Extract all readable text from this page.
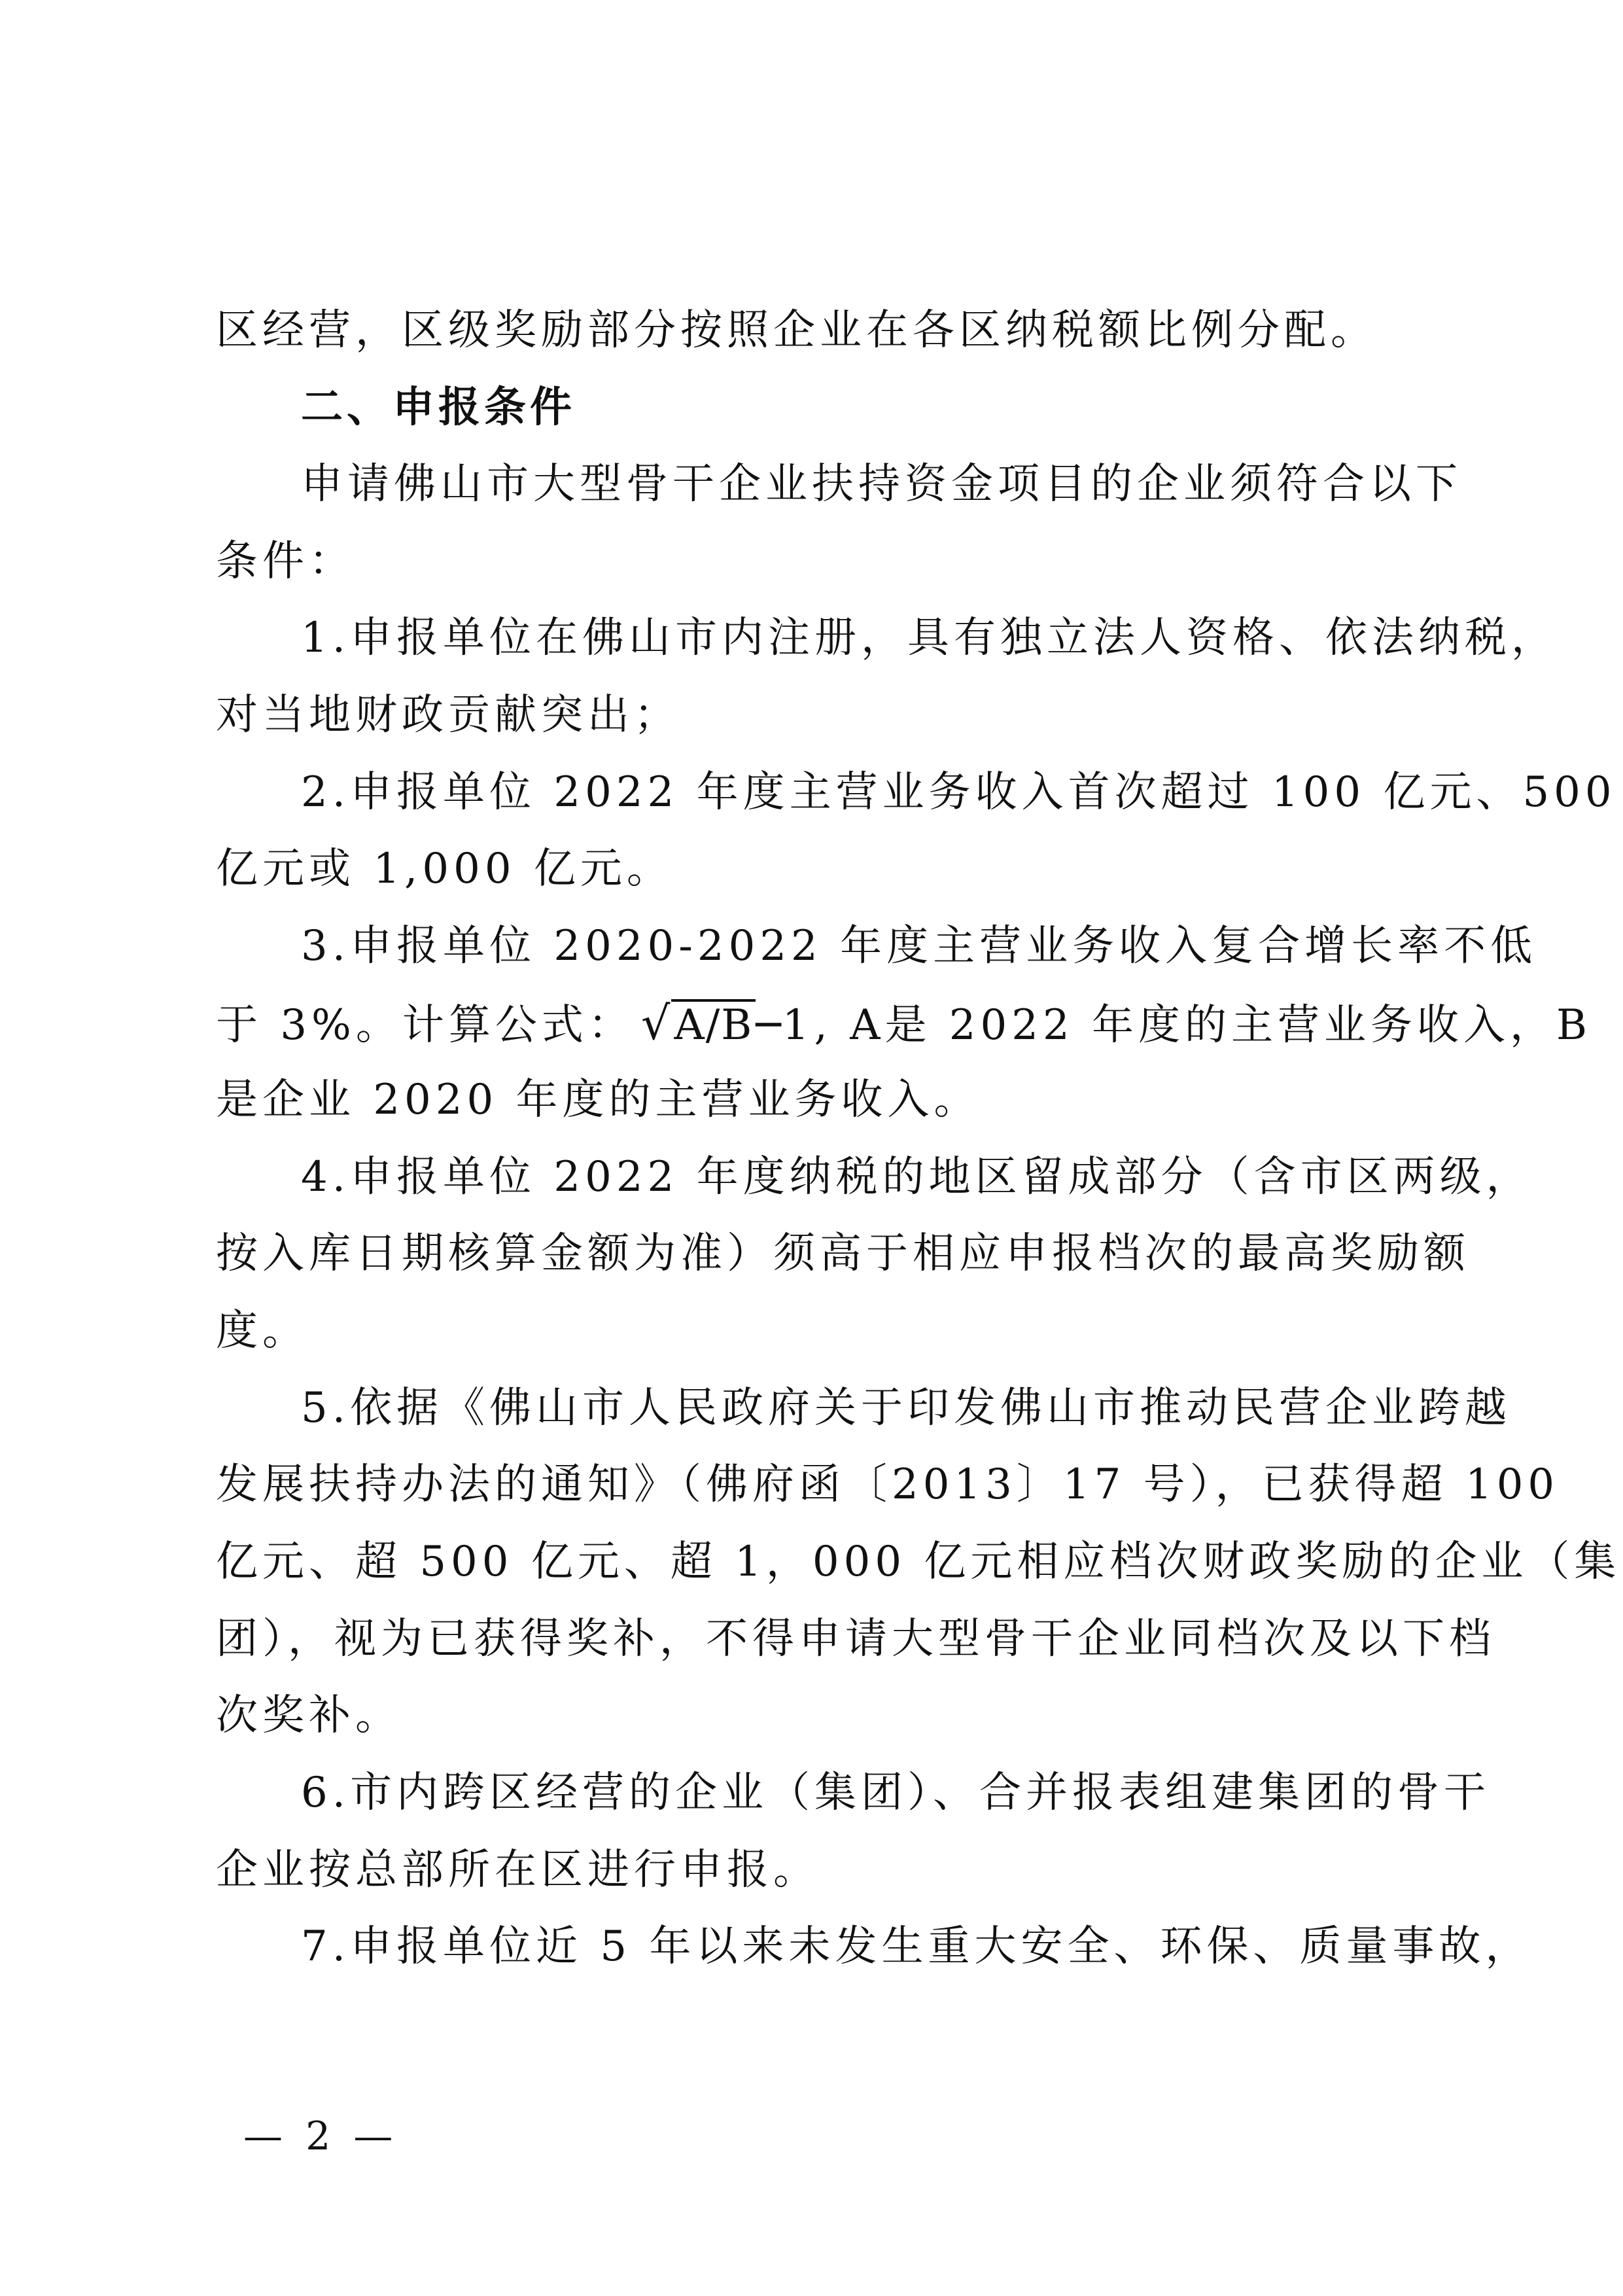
区经营，区级奖励部分按照企业在各区纳税额比例分配。
二、申报条件
申请佛山市大型骨干企业扶持资金项目的企业须符合以下
条件：
1.申报单位在佛山市内注册，具有独立法人资格、依法纳税，
对当地财政贡献突出；
2.申报单位 2022 年度主营业务收入首次超过 100 亿元、500
亿元或 1,000 亿元。
3.申报单位 2020-2022 年度主营业务收入复合增长率不低
于 3%。计算公式： √A/B─1, A是 2022 年度的主营业务收入，B
是企业 2020 年度的主营业务收入。
4.申报单位 2022 年度纳税的地区留成部分（含市区两级，
按入库日期核算金额为准）须高于相应申报档次的最高奖励额
度。
5.依据《佛山市人民政府关于印发佛山市推动民营企业跨越
发展扶持办法的通知》（佛府函〔2013〕17 号），已获得超 100
亿元、超 500 亿元、超 1，000 亿元相应档次财政奖励的企业（集
团），视为已获得奖补，不得申请大型骨干企业同档次及以下档
次奖补。
6.市内跨区经营的企业（集团）、合并报表组建集团的骨干
企业按总部所在区进行申报。
7.申报单位近 5 年以来未发生重大安全、环保、质量事故，
— 2 —
